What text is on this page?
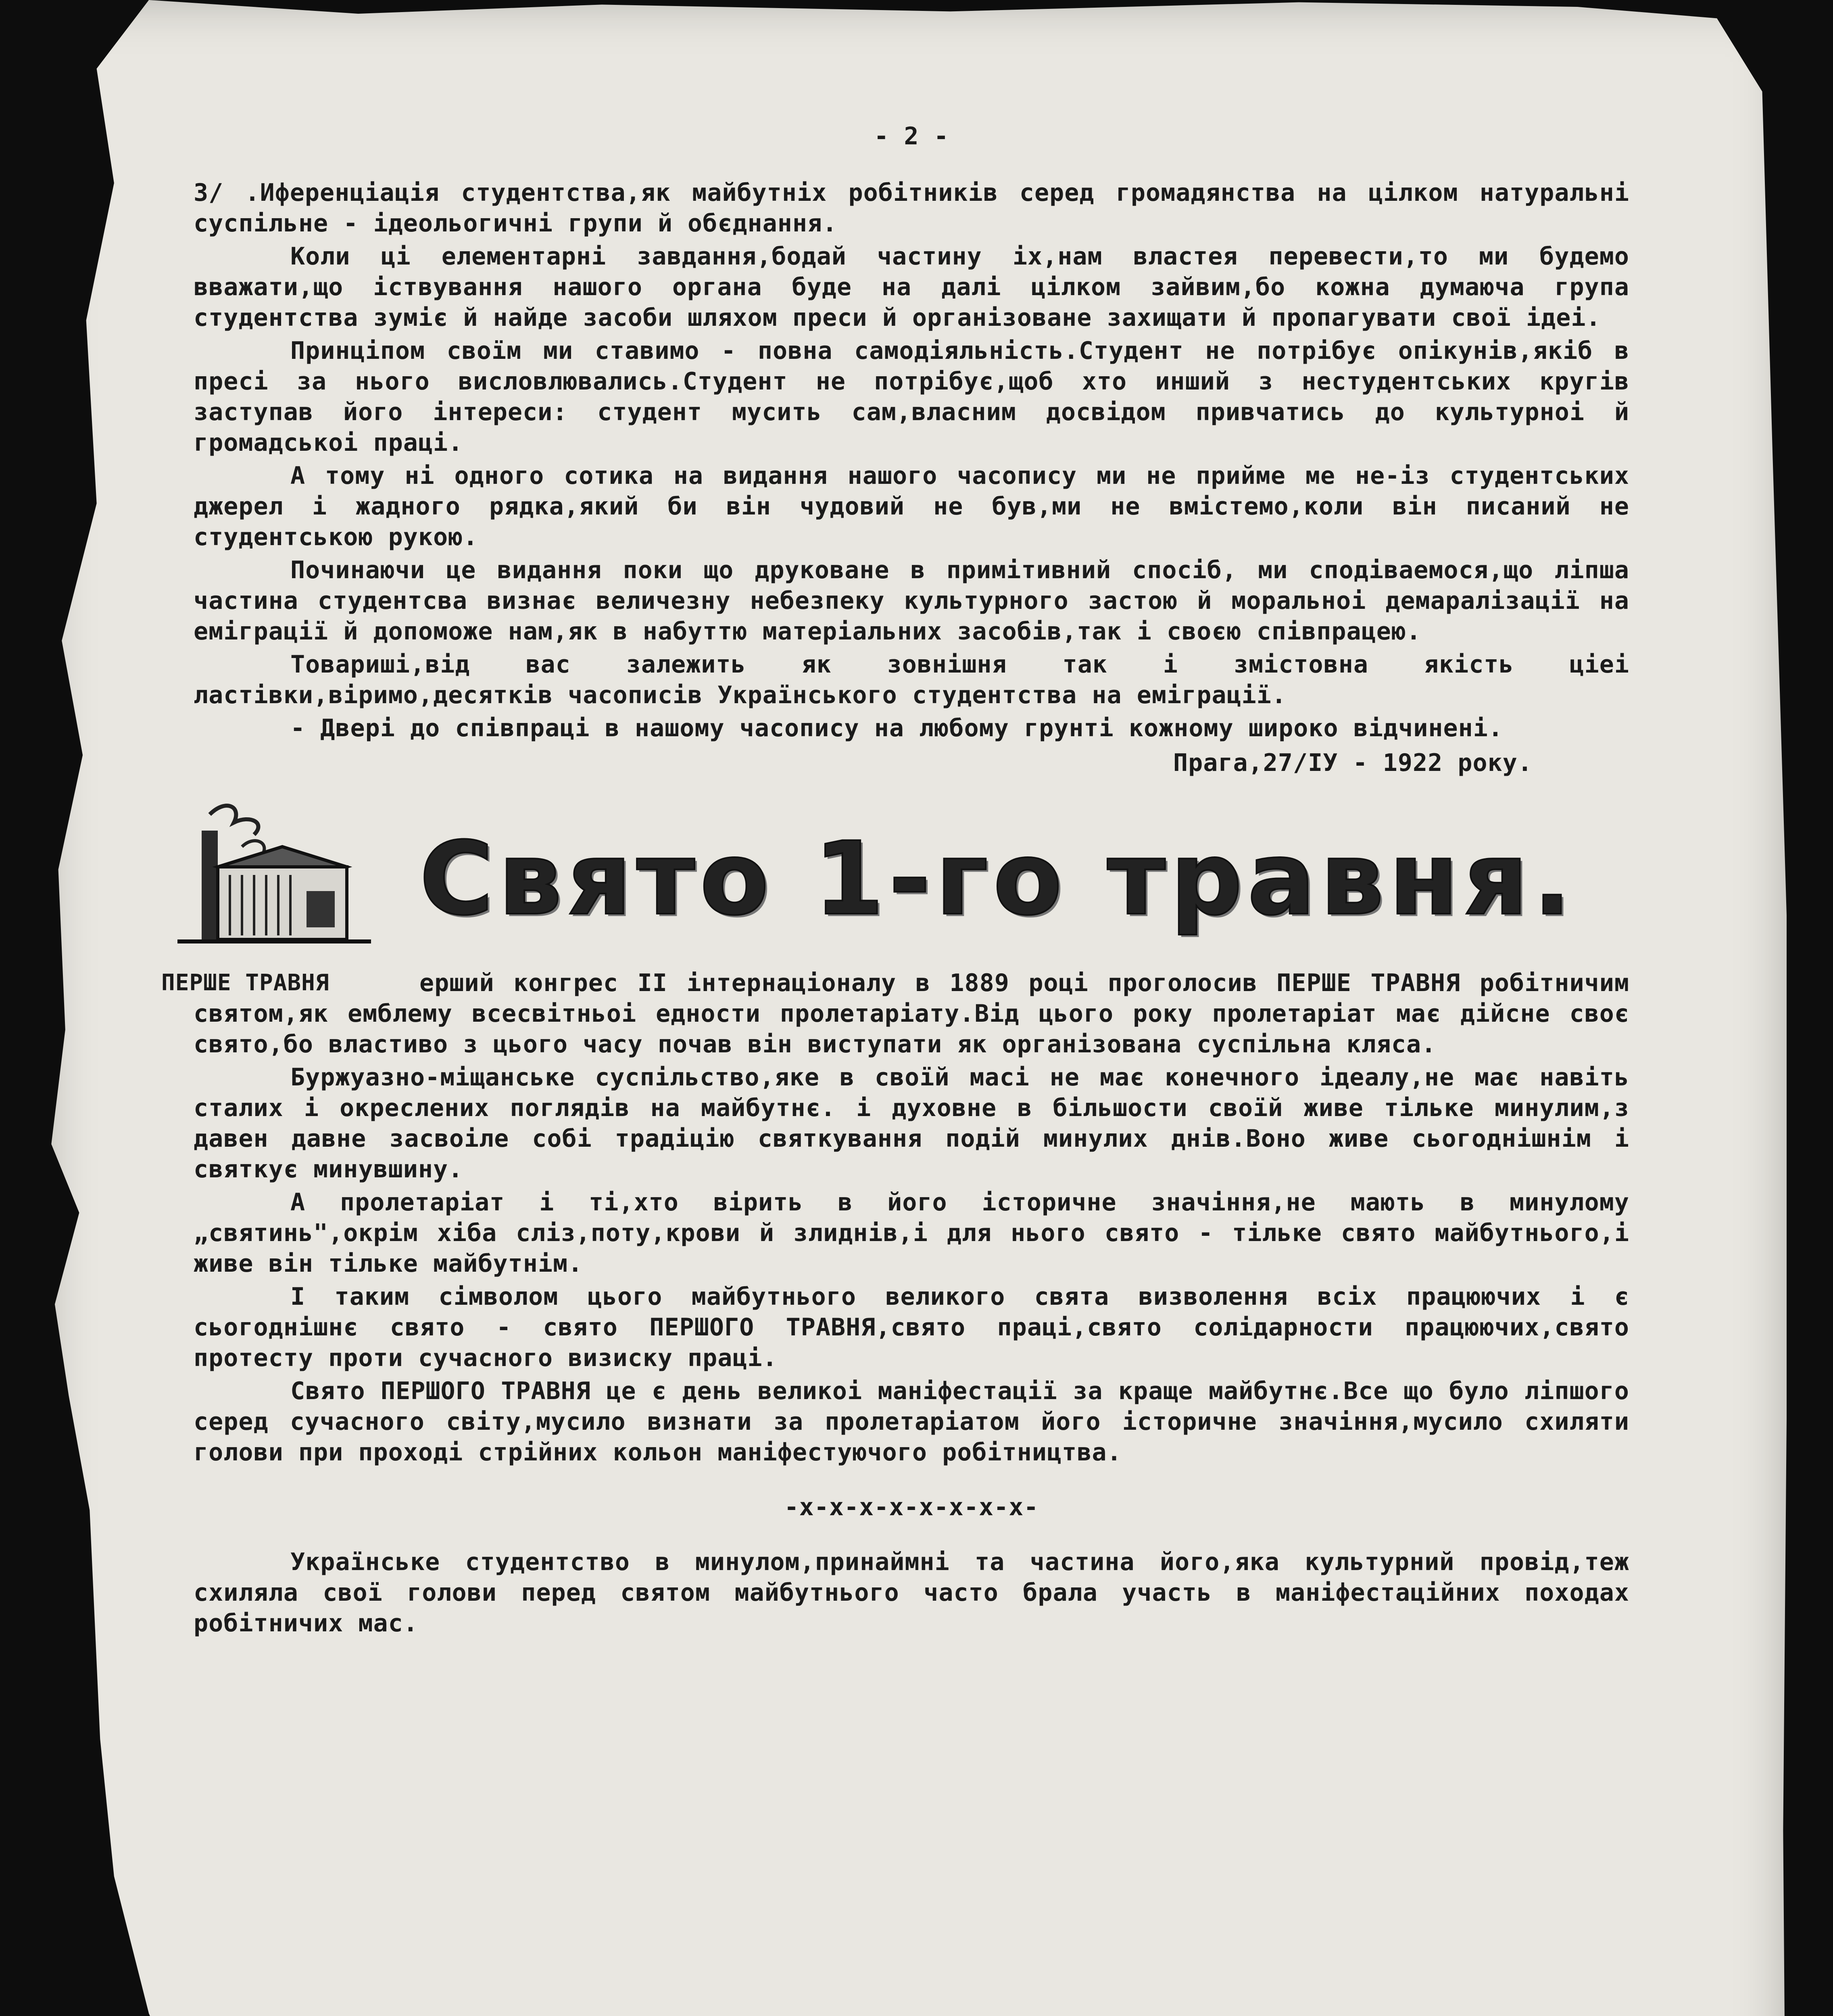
- 2 -

3/ .Иференціація студентства,як майбутніх робітників серед громадянства на цілком натуральні суспільне - ідеольогичні групи й обєднання.

Коли ці елементарні завдання,бодай частину іх,нам властея перевести,то ми будемо вважати,що іствування нашого органа буде на далі цілком зайвим,бо кожна думаюча група студентства зуміє й найде засоби шляхом преси й організоване захищати й пропагувати свої ідеі.

Принціпом своїм ми ставимо - повна самодіяльність.Студент не потрібує опікунів,якіб в пресі за нього висловлювались.Студент не потрібує,щоб хто инший з нестудентських кругів заступав його інтереси: студент мусить сам,власним досвідом привчатись до культурноі й громадськоі праці.

А тому ні одного сотика на видання нашого часопису ми не прийме ме не-із студентських джерел і жадного рядка,який би він чудовий не був,ми не вмістемо,коли він писаний не студентською рукою.

Починаючи це видання поки що друковане в примітивний спосіб, ми сподіваемося,що ліпша частина студентсва визнає величезну небезпеку культурного застою й моральноі демаралізації на еміграції й допоможе нам,як в набуттю матеріальних засобів,так і своєю співпрацею.

Товариші,від вас залежить як зовнішня так і змістовна якість ціеі ластівки,віримо,десятків часописів Українського студентства на еміграції.

- Двері до співпраці в нашому часопису на любому грунті кожному широко відчинені.

Прага,27/ІУ - 1922 року.
Свято 1-го травня.
ПЕРШЕ ТРАВНЯ	ерший конгрес ІІ інтернаціоналу в 1889 році проголосив ПЕРШЕ ТРАВНЯ робітничим святом,як емблему всесвітньоі едности пролетаріату.Від цього року пролетаріат має дійсне своє свято,бо властиво з цього часу почав він виступати як організована суспільна кляса.

Буржуазно-міщанське суспільство,яке в своїй масі не має конечного ідеалу,не має навіть сталих і окреслених поглядів на майбутнє. і духовне в більшости своїй живе тільке минулим,з давен давне засвоіле собі традіцію святкування подій минулих днів.Воно живе сьогоднішнім і святкує минувшину.

А пролетаріат і ті,хто вірить в його історичне значіння,не мають в минулому „святинь",окрім хіба сліз,поту,крови й злиднів,і для нього свято - тільке свято майбутнього,і живе він тільке майбутнім.

І таким сімволом цього майбутнього великого свята визволення всіх працюючих і є сьогоднішнє свято - свято ПЕРШОГО ТРАВНЯ,свято праці,свято солідарности працюючих,свято протесту проти сучасного визиску праці.

Свято ПЕРШОГО ТРАВНЯ це є день великоі маніфестації за краще майбутнє.Все що було ліпшого серед сучасного світу,мусило визнати за пролетаріатом його історичне значіння,мусило схиляти голови при проході стрійних кольон маніфестуючого робітництва.

-х-х-х-х-х-х-х-х-

Українське студентство в минулом,принаймні та частина його,яка культурний провід,теж схиляла свої голови перед святом майбутнього часто брала участь в маніфестаційних походах робітничих мас.
